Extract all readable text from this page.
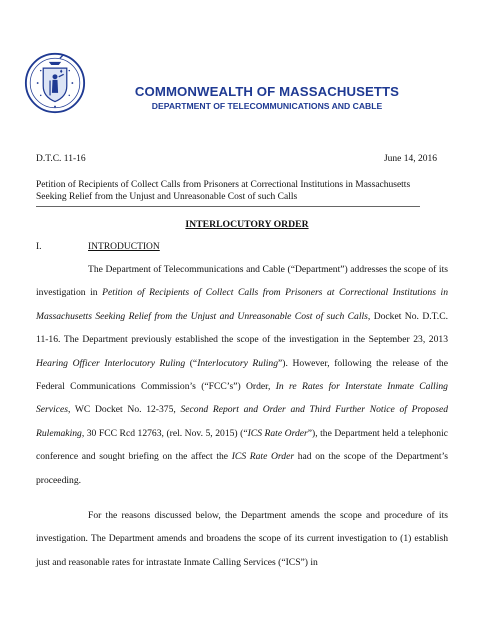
COMMONWEALTH OF MASSACHUSETTS
DEPARTMENT OF TELECOMMUNICATIONS AND CABLE
D.T.C. 11-16	June 14, 2016
Petition of Recipients of Collect Calls from Prisoners at Correctional Institutions in Massachusetts Seeking Relief from the Unjust and Unreasonable Cost of such Calls
INTERLOCUTORY ORDER
I.	INTRODUCTION

The Department of Telecommunications and Cable (“Department”) addresses the scope of its investigation in Petition of Recipients of Collect Calls from Prisoners at Correctional Institutions in Massachusetts Seeking Relief from the Unjust and Unreasonable Cost of such Calls, Docket No. D.T.C. 11-16. The Department previously established the scope of the investigation in the September 23, 2013 Hearing Officer Interlocutory Ruling (“Interlocutory Ruling”). However, following the release of the Federal Communications Commission’s (“FCC’s”) Order, In re Rates for Interstate Inmate Calling Services, WC Docket No. 12-375, Second Report and Order and Third Further Notice of Proposed Rulemaking, 30 FCC Rcd 12763, (rel. Nov. 5, 2015) (“ICS Rate Order”), the Department held a telephonic conference and sought briefing on the affect the ICS Rate Order had on the scope of the Department’s proceeding.

For the reasons discussed below, the Department amends the scope and procedure of its investigation. The Department amends and broadens the scope of its current investigation to (1) establish just and reasonable rates for intrastate Inmate Calling Services (“ICS”) in
